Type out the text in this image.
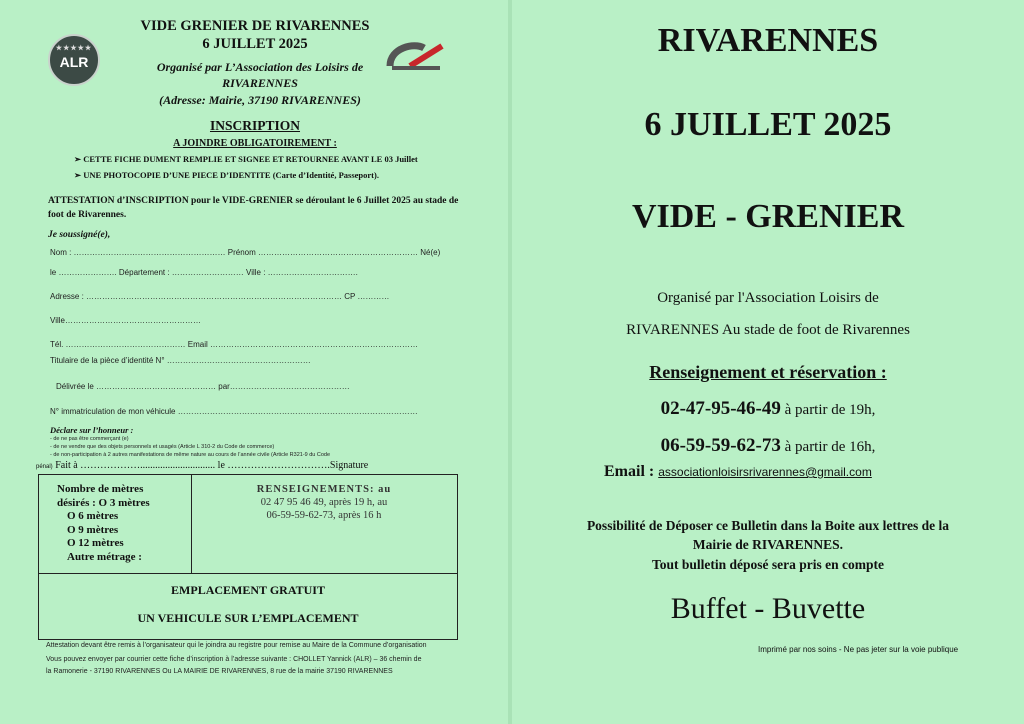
★★★★★
ALR
VIDE GRENIER DE RIVARENNES
6 JUILLET 2025
Organisé par L’Association des Loisirs de
RIVARENNES
(Adresse: Mairie, 37190 RIVARENNES)
INSCRIPTION
A JOINDRE OBLIGATOIREMENT :
➢ CETTE FICHE DUMENT REMPLIE ET SIGNEE ET RETOURNEE AVANT LE 03 Juillet
➢ UNE PHOTOCOPIE D’UNE PIECE D’IDENTITE (Carte d’Identité, Passeport).
ATTESTATION d’INSCRIPTION pour le VIDE-GRENIER se déroulant le 6 Juillet 2025 au stade de foot de Rivarennes.
Je soussigné(e),
Nom : ………………………………………………… Prénom …………………………………………………… Né(e)
le …………………. Département : ……………………… Ville : …………………………….
Adresse : …………………………………………………………………………………… CP …………
Ville……………………………………………
Tél. ……………………………………… Email ……………………………………………………………………
Titulaire de la pièce d’identité N° ………………………………………………
Délivrée le ……………………………………… par………………………………………
N° immatriculation de mon véhicule ………………………………………………………………………………
Déclare sur l’honneur :
- de ne pas être commerçant (e)
- de ne vendre que des objets personnels et usagés (Article L 310-2 du Code de commerce)
- de non-participation à 2 autres manifestations de même nature au cours de l’année civile (Article R321-9 du Code
pénal) Fait à ……………….............................. le ………………………….Signature
Nombre de mètres
désirés : O 3 mètres
O 6 mètres
O 9 mètres
O 12 mètres
Autre métrage :
RENSEIGNEMENTS: au
02 47 95 46 49, après 19 h, au
06-59-59-62-73, après 16 h
EMPLACEMENT GRATUIT
UN VEHICULE SUR L’EMPLACEMENT
Attestation devant être remis à l’organisateur qui le joindra au registre pour remise au Maire de la Commune d’organisation
Vous pouvez envoyer par courrier cette fiche d’inscription à l’adresse suivante : CHOLLET Yannick (ALR) – 36 chemin de
la Ramonerie - 37190 RIVARENNES Ou LA MAIRIE DE RIVARENNES, 8 rue de la mairie 37190 RIVARENNES
RIVARENNES
6 JUILLET 2025
VIDE - GRENIER
Organisé par l'Association Loisirs de
RIVARENNES Au stade de foot de Rivarennes
Renseignement et réservation :
02-47-95-46-49 à partir de 19h,
06-59-59-62-73 à partir de 16h,
Email : associationloisirsrivarennes@gmail.com
Possibilité de Déposer ce Bulletin dans la Boite aux lettres de la
Mairie de RIVARENNES.
Tout bulletin déposé sera pris en compte
Buffet - Buvette
Imprimé par nos soins - Ne pas jeter sur la voie publique
